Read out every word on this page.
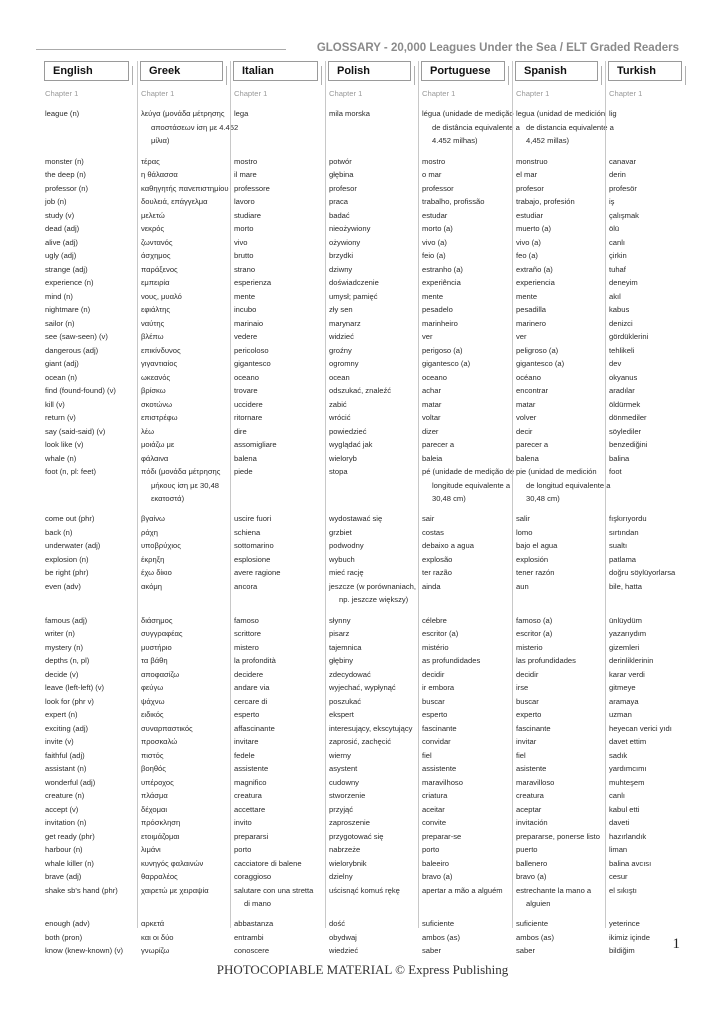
GLOSSARY - 20,000 Leagues Under the Sea / ELT Graded Readers
English
Chapter 1
league (n)
monster (n)
the deep (n)
professor (n)
job (n)
study (v)
dead (adj)
alive (adj)
ugly (adj)
strange (adj)
experience (n)
mind (n)
nightmare (n)
sailor (n)
see (saw-seen) (v)
dangerous (adj)
giant (adj)
ocean (n)
find (found-found) (v)
kill (v)
return (v)
say (said-said) (v)
look like (v)
whale (n)
foot (n, pl: feet)
come out (phr)
back (n)
underwater (adj)
explosion (n)
be right (phr)
even (adv)
famous (adj)
writer (n)
mystery (n)
depths (n, pl)
decide (v)
leave (left-left) (v)
look for (phr v)
expert (n)
exciting (adj)
invite (v)
faithful (adj)
assistant (n)
wonderful (adj)
creature (n)
accept (v)
invitation (n)
get ready (phr)
harbour (n)
whale killer (n)
brave (adj)
shake sb's hand (phr)
enough (adv)
both (pron)
know (knew-known) (v)
Greek
Chapter 1
λεύγα (μονάδα μέτρησης
αποστάσεων ίση με 4.452
μίλια)
τέρας
η θάλασσα
καθηγητής πανεπιστημίου
δουλειά, επάγγελμα
μελετώ
νεκρός
ζωντανός
άσχημος
παράξενος
εμπειρία
νους, μυαλό
εφιάλτης
ναύτης
βλέπω
επικίνδυνος
γιγαντιαίος
ωκεανός
βρίσκω
σκοτώνω
επιστρέφω
λέω
μοιάζω με
φάλαινα
πόδι (μονάδα μέτρησης
μήκους ίση με 30,48
εκατοστά)
βγαίνω
ράχη
υποβρύχιος
έκρηξη
έχω δίκιο
ακόμη
διάσημος
συγγραφέας
μυστήριο
τα βάθη
αποφασίζω
φεύγω
ψάχνω
ειδικός
συναρπαστικός
προσκαλώ
πιστός
βοηθός
υπέροχος
πλάσμα
δέχομαι
πρόσκληση
ετοιμάζομαι
λιμάνι
κυνηγός φαλαινών
θαρραλέος
χαιρετώ με χειραψία
αρκετά
και οι δύο
γνωρίζω
Italian
Chapter 1
lega
mostro
il mare
professore
lavoro
studiare
morto
vivo
brutto
strano
esperienza
mente
incubo
marinaio
vedere
pericoloso
gigantesco
oceano
trovare
uccidere
ritornare
dire
assomigliare
balena
piede
uscire fuori
schiena
sottomarino
esplosione
avere ragione
ancora
famoso
scrittore
mistero
la profondità
decidere
andare via
cercare di
esperto
affascinante
invitare
fedele
assistente
magnifico
creatura
accettare
invito
prepararsi
porto
cacciatore di balene
coraggioso
salutare con una stretta
di mano
abbastanza
entrambi
conoscere
Polish
Chapter 1
mila morska
potwór
głębina
profesor
praca
badać
nieożywiony
ożywiony
brzydki
dziwny
doświadczenie
umysł; pamięć
zły sen
marynarz
widzieć
groźny
ogromny
ocean
odszukać, znaleźć
zabić
wrócić
powiedzieć
wyglądać jak
wieloryb
stopa
wydostawać się
grzbiet
podwodny
wybuch
mieć rację
jeszcze (w porównaniach,
np. jeszcze większy)
słynny
pisarz
tajemnica
głębiny
zdecydować
wyjechać, wypłynąć
poszukać
ekspert
interesujący, ekscytujący
zaprosić, zachęcić
wierny
asystent
cudowny
stworzenie
przyjąć
zaproszenie
przygotować się
nabrzeże
wielorybnik
dzielny
uścisnąć komuś rękę
dość
obydwaj
wiedzieć
Portuguese
Chapter 1
légua (unidade de medição
de distância equivalente a
4.452 milhas)
mostro
o mar
professor
trabalho, profissão
estudar
morto (a)
vivo (a)
feio (a)
estranho (a)
experiência
mente
pesadelo
marinheiro
ver
perigoso (a)
gigantesco (a)
oceano
achar
matar
voltar
dizer
parecer a
baleia
pé (unidade de medição de
longitude equivalente a
30,48 cm)
sair
costas
debaixo a agua
explosão
ter razão
ainda
célebre
escritor (a)
mistério
as profundidades
decidir
ir embora
buscar
esperto
fascinante
convidar
fiel
assistente
maravilhoso
criatura
aceitar
convite
preparar-se
porto
baleeiro
bravo (a)
apertar a mão a alguém
suficiente
ambos (as)
saber
Spanish
Chapter 1
legua (unidad de medición
de distancia equivalente a
4,452 millas)
monstruo
el mar
profesor
trabajo, profesión
estudiar
muerto (a)
vivo (a)
feo (a)
extraño (a)
experiencia
mente
pesadilla
marinero
ver
peligroso (a)
gigantesco (a)
océano
encontrar
matar
volver
decir
parecer a
balena
pie (unidad de medición
de longitud equivalente a
30,48 cm)
salir
lomo
bajo el agua
explosión
tener razón
aun
famoso (a)
escritor (a)
misterio
las profundidades
decidir
irse
buscar
experto
fascinante
invitar
fiel
asistente
maravilloso
creatura
aceptar
invitación
prepararse, ponerse listo
puerto
ballenero
bravo (a)
estrechante la mano a
alguien
suficiente
ambos (as)
saber
Turkish
Chapter 1
lig
canavar
derin
profesör
iş
çalışmak
ölü
canlı
çirkin
tuhaf
deneyim
akıl
kabus
denizci
gördüklerini
tehlikeli
dev
okyanus
aradılar
öldürmek
dönmediler
söylediler
benzediğini
balina
foot
fışkırıyordu
sırtından
sualtı
patlama
doğru söylüyorlarsa
bile, hatta
ünlüydüm
yazarıydım
gizemleri
derinliklerinin
karar verdi
gitmeye
aramaya
uzman
heyecan verici yıdı
davet ettim
sadık
yardımcımı
muhteşem
canlı
kabul etti
daveti
hazırlandık
liman
balina avcısı
cesur
el sıkıştı
yeterince
ikimiz içinde
bildiğim	1
PHOTOCOPIABLE MATERIAL © Express Publishing
